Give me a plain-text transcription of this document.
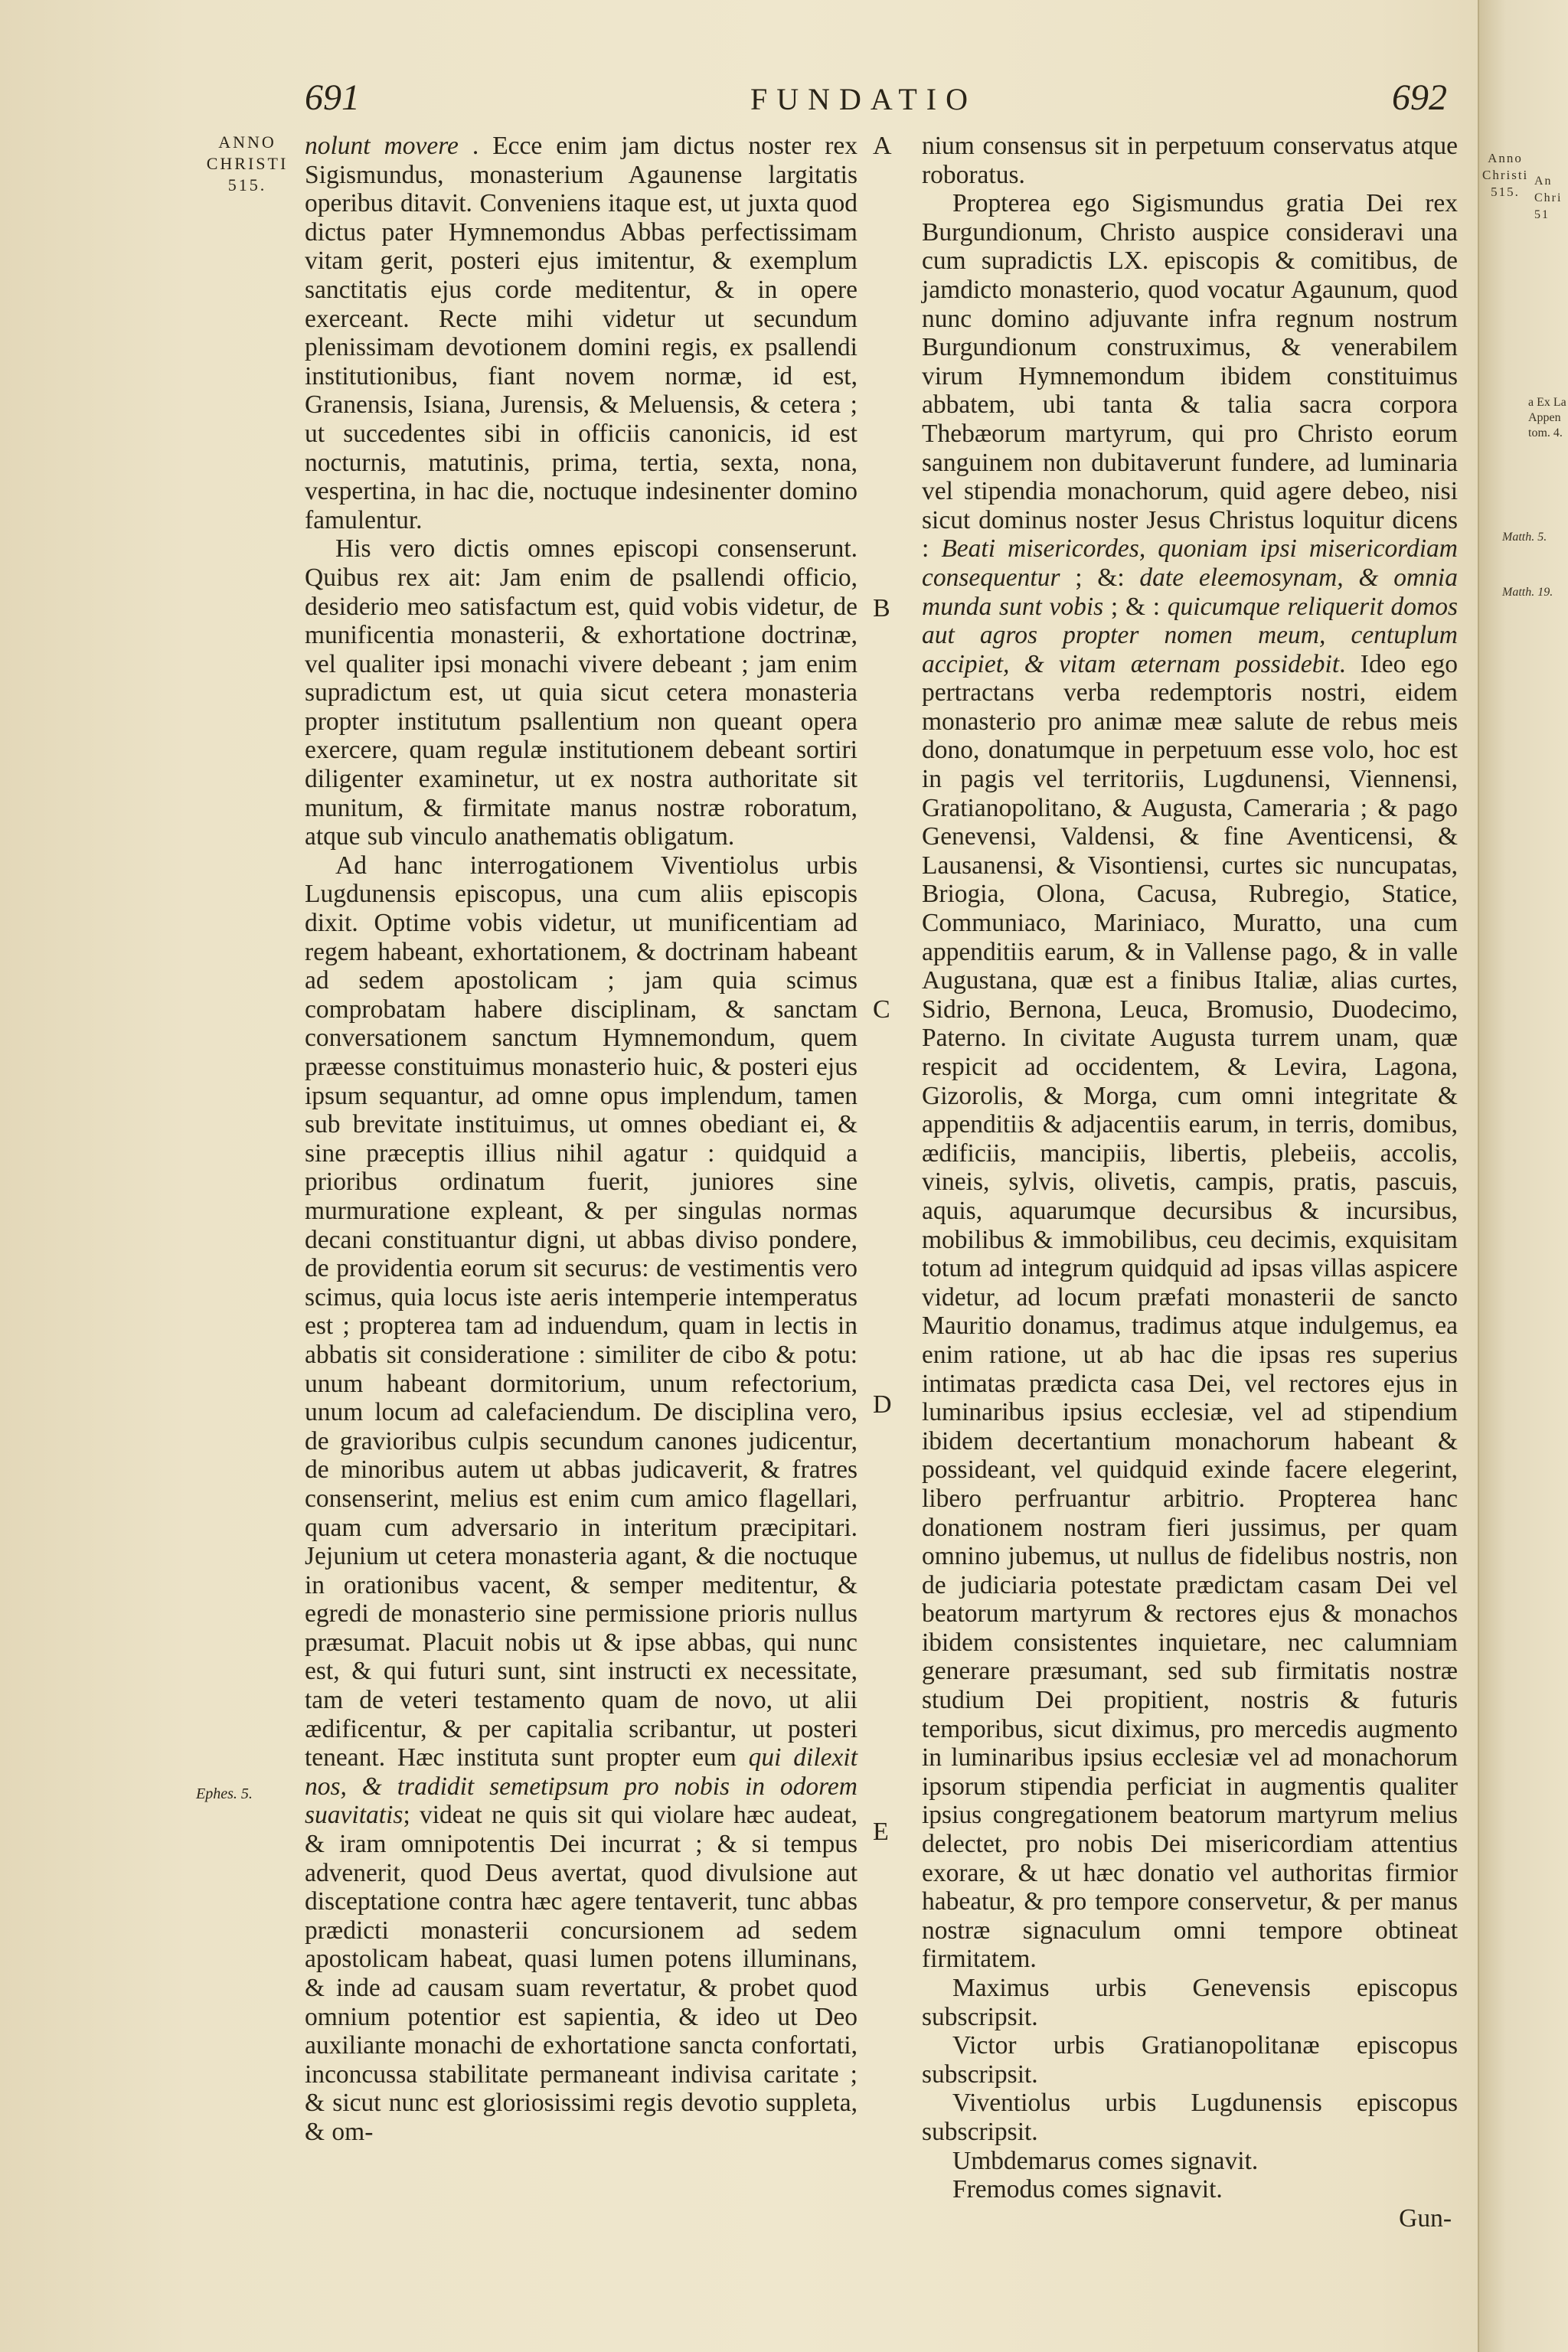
Anno
Christi
515.
An
Chri
51
a Ex La
Appen
tom. 4.
Matth. 5.
Matth. 19.
691	FUNDATIO	692
ANNO
CHRISTI
515.
Ephes. 5.
A
B
C
D
E

nolunt movere . Ecce enim jam dictus noster rex Sigismundus, monasterium Agaunense largitatis operibus ditavit. Conveniens itaque est, ut juxta quod dictus pater Hymnemondus Abbas perfectissimam vitam gerit, posteri ejus imitentur, & exemplum sanctitatis ejus corde meditentur, & in opere exerceant. Recte mihi videtur ut secundum plenissimam devotionem domini regis, ex psallendi institutionibus, fiant novem normæ, id est, Granensis, Isiana, Jurensis, & Meluensis, & cetera ; ut succedentes sibi in officiis canonicis, id est nocturnis, matutinis, prima, tertia, sexta, nona, vespertina, in hac die, noctuque indesinenter domino famulentur.

His vero dictis omnes episcopi consenserunt. Quibus rex ait: Jam enim de psallendi officio, desiderio meo satisfactum est, quid vobis videtur, de munificentia monasterii, & exhortatione doctrinæ, vel qualiter ipsi monachi vivere debeant ; jam enim supradictum est, ut quia sicut cetera monasteria propter institutum psallentium non queant opera exercere, quam regulæ institutionem debeant sortiri diligenter examinetur, ut ex nostra authoritate sit munitum, & firmitate manus nostræ roboratum, atque sub vinculo anathematis obligatum.

Ad hanc interrogationem Viventiolus urbis Lugdunensis episcopus, una cum aliis episcopis dixit. Optime vobis videtur, ut munificentiam ad regem habeant, exhortationem, & doctrinam habeant ad sedem apostolicam ; jam quia scimus comprobatam habere disciplinam, & sanctam conversationem sanctum Hymnemondum, quem præesse constituimus monasterio huic, & posteri ejus ipsum sequantur, ad omne opus implendum, tamen sub brevitate instituimus, ut omnes obediant ei, & sine præceptis illius nihil agatur : quidquid a prioribus ordinatum fuerit, juniores sine murmuratione expleant, & per singulas normas decani constituantur digni, ut abbas diviso pondere, de providentia eorum sit securus: de vestimentis vero scimus, quia locus iste aeris intemperie intemperatus est ; propterea tam ad induendum, quam in lectis in abbatis sit consideratione : similiter de cibo & potu: unum habeant dormitorium, unum refectorium, unum locum ad calefaciendum. De disciplina vero, de gravioribus culpis secundum canones judicentur, de minoribus autem ut abbas judicaverit, & fratres consenserint, melius est enim cum amico flagellari, quam cum adversario in interitum præcipitari. Jejunium ut cetera monasteria agant, & die noctuque in orationibus vacent, & semper meditentur, & egredi de monasterio sine permissione prioris nullus præsumat. Placuit nobis ut & ipse abbas, qui nunc est, & qui futuri sunt, sint instructi ex necessitate, tam de veteri testamento quam de novo, ut alii ædificentur, & per capitalia scribantur, ut posteri teneant. Hæc instituta sunt propter eum qui dilexit nos, & tradidit semetipsum pro nobis in odorem suavitatis; videat ne quis sit qui violare hæc audeat, & iram omnipotentis Dei incurrat ; & si tempus advenerit, quod Deus avertat, quod divulsione aut disceptatione contra hæc agere tentaverit, tunc abbas prædicti monasterii concursionem ad sedem apostolicam habeat, quasi lumen potens illuminans, & inde ad causam suam revertatur, & probet quod omnium potentior est sapientia, & ideo ut Deo auxiliante monachi de exhortatione sancta confortati, inconcussa stabilitate permaneant indivisa caritate ; & sicut nunc est gloriosissimi regis devotio suppleta, & om-

nium consensus sit in perpetuum conservatus atque roboratus.

Propterea ego Sigismundus gratia Dei rex Burgundionum, Christo auspice consideravi una cum supradictis LX. episcopis & comitibus, de jamdicto monasterio, quod vocatur Agaunum, quod nunc domino adjuvante infra regnum nostrum Burgundionum construximus, & venerabilem virum Hymnemondum ibidem constituimus abbatem, ubi tanta & talia sacra corpora Thebæorum martyrum, qui pro Christo eorum sanguinem non dubitaverunt fundere, ad luminaria vel stipendia monachorum, quid agere debeo, nisi sicut dominus noster Jesus Christus loquitur dicens : Beati misericordes, quoniam ipsi misericordiam consequentur ; &: date eleemosynam, & omnia munda sunt vobis ; & : quicumque reliquerit domos aut agros propter nomen meum, centuplum accipiet, & vitam æternam possidebit. Ideo ego pertractans verba redemptoris nostri, eidem monasterio pro animæ meæ salute de rebus meis dono, donatumque in perpetuum esse volo, hoc est in pagis vel territoriis, Lugdunensi, Viennensi, Gratianopolitano, & Augusta, Cameraria ; & pago Genevensi, Valdensi, & fine Aventicensi, & Lausanensi, & Visontiensi, curtes sic nuncupatas, Briogia, Olona, Cacusa, Rubregio, Statice, Communiaco, Mariniaco, Muratto, una cum appenditiis earum, & in Vallense pago, & in valle Augustana, quæ est a finibus Italiæ, alias curtes, Sidrio, Bernona, Leuca, Bromusio, Duodecimo, Paterno. In civitate Augusta turrem unam, quæ respicit ad occidentem, & Levira, Lagona, Gizorolis, & Morga, cum omni integritate & appenditiis & adjacentiis earum, in terris, domibus, ædificiis, mancipiis, libertis, plebeiis, accolis, vineis, sylvis, olivetis, campis, pratis, pascuis, aquis, aquarumque decursibus & incursibus, mobilibus & immobilibus, ceu decimis, exquisitam totum ad integrum quidquid ad ipsas villas aspicere videtur, ad locum præfati monasterii de sancto Mauritio donamus, tradimus atque indulgemus, ea enim ratione, ut ab hac die ipsas res superius intimatas prædicta casa Dei, vel rectores ejus in luminaribus ipsius ecclesiæ, vel ad stipendium ibidem decertantium monachorum habeant & possideant, vel quidquid exinde facere elegerint, libero perfruantur arbitrio. Propterea hanc donationem nostram fieri jussimus, per quam omnino jubemus, ut nullus de fidelibus nostris, non de judiciaria potestate prædictam casam Dei vel beatorum martyrum & rectores ejus & monachos ibidem consistentes inquietare, nec calumniam generare præsumant, sed sub firmitatis nostræ studium Dei propitient, nostris & futuris temporibus, sicut diximus, pro mercedis augmento in luminaribus ipsius ecclesiæ vel ad monachorum ipsorum stipendia perficiat in augmentis qualiter ipsius congregationem beatorum martyrum melius delectet, pro nobis Dei misericordiam attentius exorare, & ut hæc donatio vel authoritas firmior habeatur, & pro tempore conservetur, & per manus nostræ signaculum omni tempore obtineat firmitatem.

Maximus urbis Genevensis episcopus subscripsit.
Victor urbis Gratianopolitanæ episcopus subscripsit.
Viventiolus urbis Lugdunensis episcopus subscripsit.
Umbdemarus comes signavit.
Fremodus comes signavit.
Gun-
